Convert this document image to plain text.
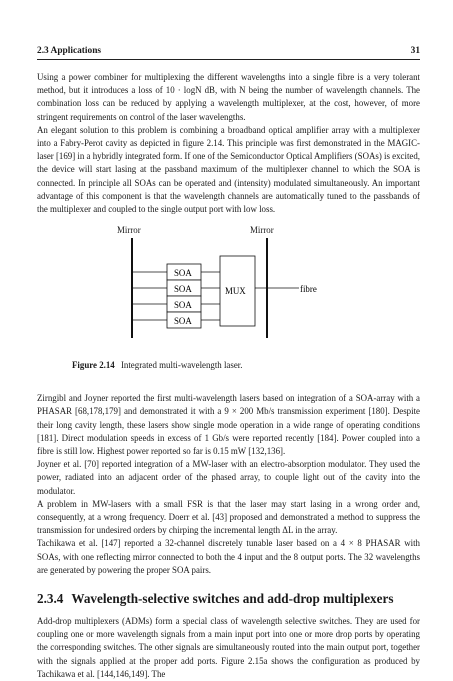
2.3 Applications	31

Using a power combiner for multiplexing the different wavelengths into a single fibre is a very tolerant method, but it introduces a loss of 10 · logN dB, with N being the number of wavelength channels. The combination loss can be reduced by applying a wavelength multiplexer, at the cost, however, of more stringent requirements on control of the laser wavelengths.

An elegant solution to this problem is combining a broadband optical amplifier array with a multiplexer into a Fabry-Perot cavity as depicted in figure 2.14. This principle was first demonstrated in the MAGIC-laser [169] in a hybridly integrated form. If one of the Semiconductor Optical Amplifiers (SOAs) is excited, the device will start lasing at the passband maximum of the multiplexer channel to which the SOA is connected. In principle all SOAs can be operated and (intensity) modulated simultaneously. An important advantage of this component is that the wavelength channels are automatically tuned to the passbands of the multiplexer and coupled to the single output port with low loss.

Mirror	Mirror
SOA
SOA
SOA
SOA
MUX	fibre
Figure 2.14 Integrated multi-wavelength laser.

Zirngibl and Joyner reported the first multi-wavelength lasers based on integration of a SOA-array with a PHASAR [68,178,179] and demonstrated it with a 9 × 200 Mb/s transmission experiment [180]. Despite their long cavity length, these lasers show single mode operation in a wide range of operating conditions [181]. Direct modulation speeds in excess of 1 Gb/s were reported recently [184]. Power coupled into a fibre is still low. Highest power reported so far is 0.15 mW [132,136].

Joyner et al. [70] reported integration of a MW-laser with an electro-absorption modulator. They used the power, radiated into an adjacent order of the phased array, to couple light out of the cavity into the modulator.

A problem in MW-lasers with a small FSR is that the laser may start lasing in a wrong order and, consequently, at a wrong frequency. Doerr et al. [43] proposed and demonstrated a method to suppress the transmission for undesired orders by chirping the incremental length ΔL in the array.

Tachikawa et al. [147] reported a 32-channel discretely tunable laser based on a 4 × 8 PHASAR with SOAs, with one reflecting mirror connected to both the 4 input and the 8 output ports. The 32 wavelengths are generated by powering the proper SOA pairs.

2.3.4 Wavelength-selective switches and add-drop multiplexers

Add-drop multiplexers (ADMs) form a special class of wavelength selective switches. They are used for coupling one or more wavelength signals from a main input port into one or more drop ports by operating the corresponding switches. The other signals are simultaneously routed into the main output port, together with the signals applied at the proper add ports. Figure 2.15a shows the configuration as produced by Tachikawa et al. [144,146,149]. The
